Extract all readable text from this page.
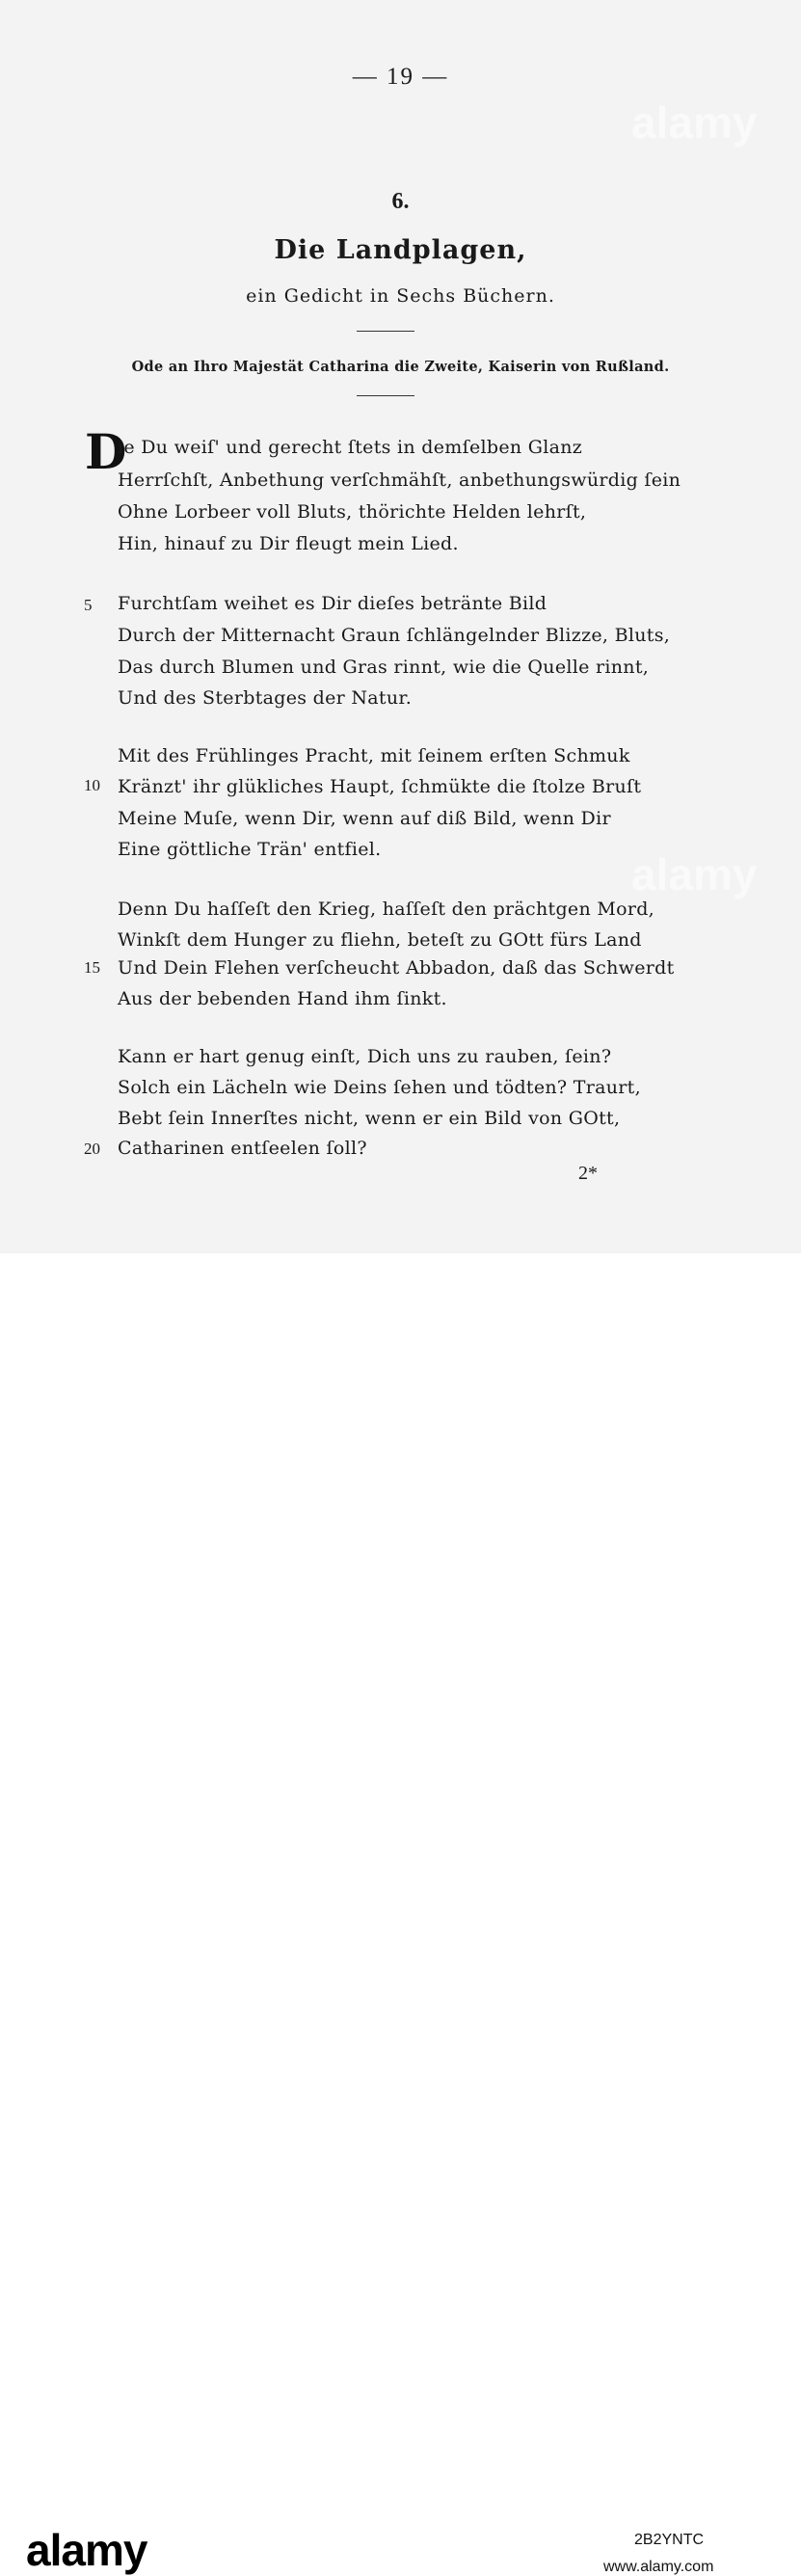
— 19 —
alamy
alamy
6.
Die Landplagen,
ein Gedicht in Sechs Büchern.
Ode an Ihro Majestät Catharina die Zweite, Kaiserin von Rußland.
D
ie Du weiſ' und gerecht ſtets in demſelben Glanz
Herrſchſt, Anbethung verſchmähſt, anbethungswürdig ſein
Ohne Lorbeer voll Bluts, thörichte Helden lehrſt,
Hin, hinauf zu Dir fleugt mein Lied.
5	Furchtſam weihet es Dir dieſes betränte Bild
Durch der Mitternacht Graun ſchlängelnder Blizze, Bluts,
Das durch Blumen und Gras rinnt, wie die Quelle rinnt,
Und des Sterbtages der Natur.
Mit des Frühlinges Pracht, mit ſeinem erſten Schmuk
10 Kränzt' ihr glükliches Haupt, ſchmükte die ſtolze Bruſt
Meine Muſe, wenn Dir, wenn auf diß Bild, wenn Dir
Eine göttliche Trän' entfiel.
Denn Du haſſeſt den Krieg, haſſeſt den prächtgen Mord,
Winkſt dem Hunger zu fliehn, beteſt zu GOtt fürs Land
15 Und Dein Flehen verſcheucht Abbadon, daß das Schwerdt
Aus der bebenden Hand ihm ſinkt.
Kann er hart genug einſt, Dich uns zu rauben, ſein?
Solch ein Lächeln wie Deins ſehen und tödten? Traurt,
Bebt ſein Innerſtes nicht, wenn er ein Bild von GOtt,
20 Catharinen entſeelen ſoll?
2*
alamy	2B2YNTC
www.alamy.com
